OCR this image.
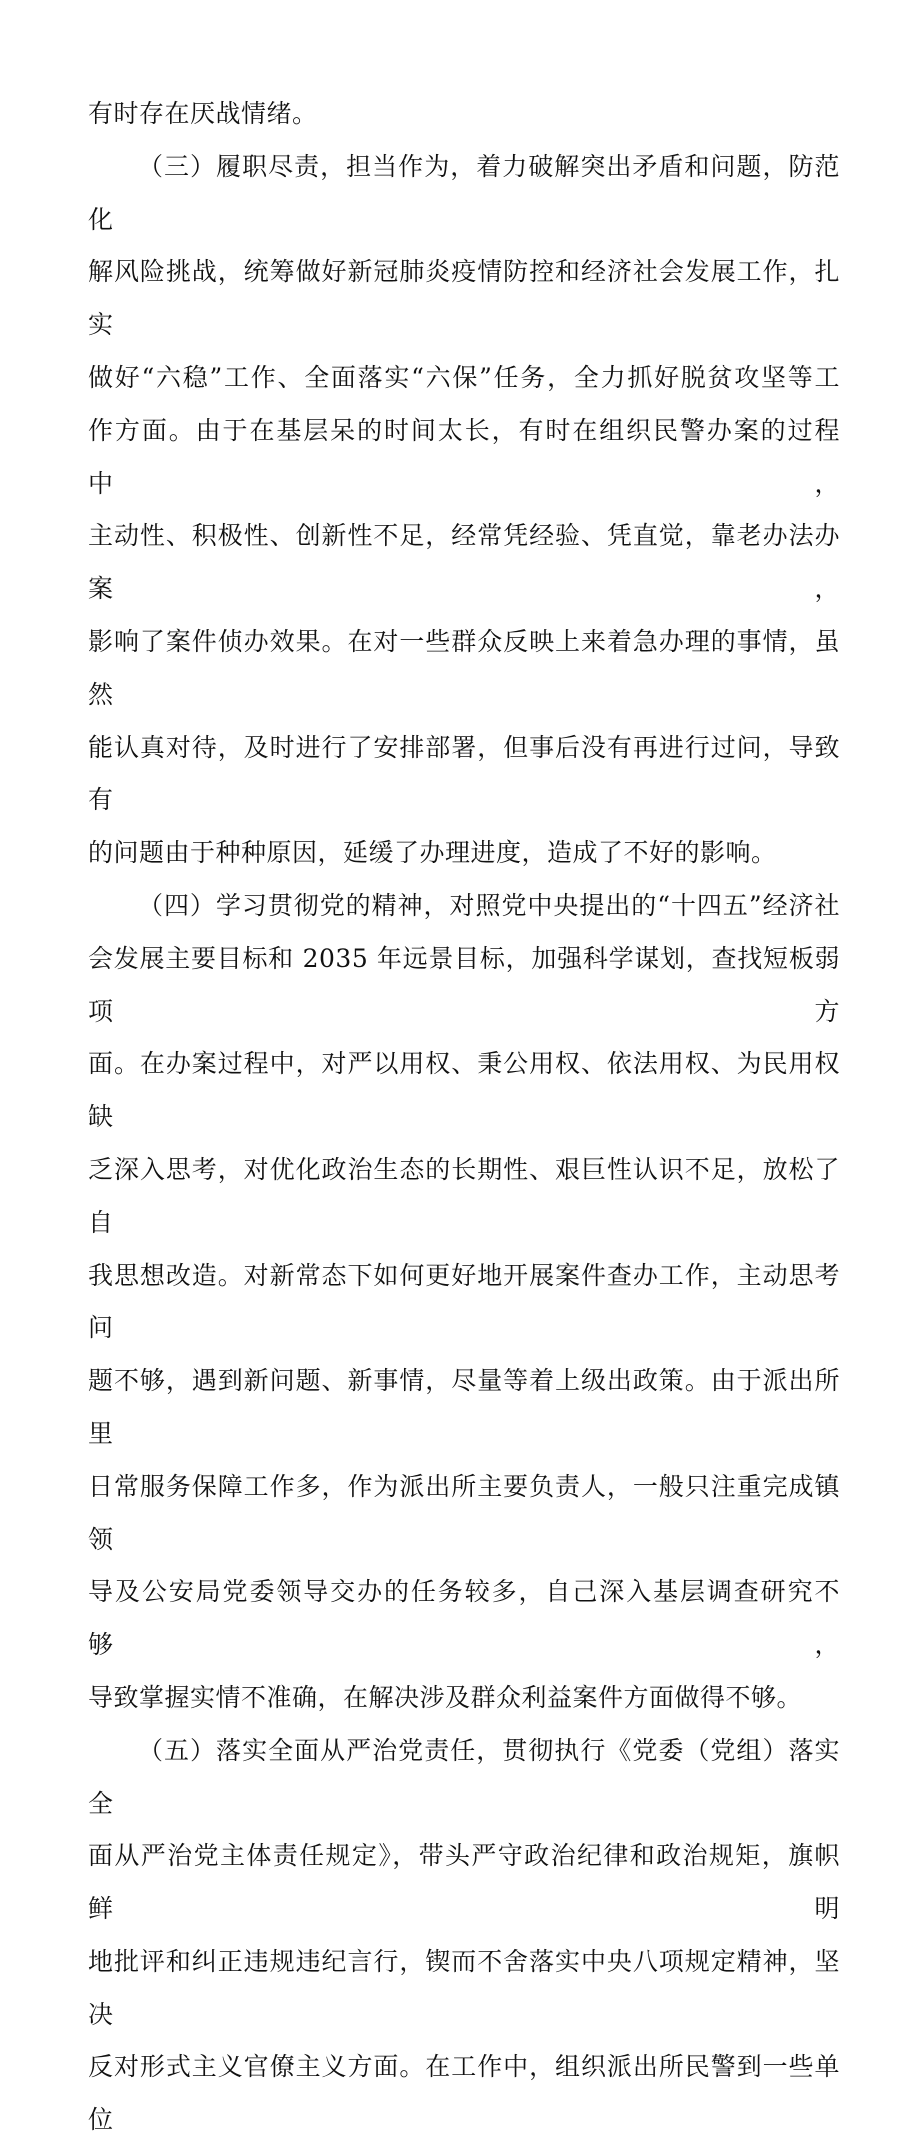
有时存在厌战情绪。
（三）履职尽责，担当作为，着力破解突出矛盾和问题，防范化
解风险挑战，统筹做好新冠肺炎疫情防控和经济社会发展工作，扎实
做好“六稳”工作、全面落实“六保”任务，全力抓好脱贫攻坚等工
作方面。由于在基层呆的时间太长，有时在组织民警办案的过程中，
主动性、积极性、创新性不足，经常凭经验、凭直觉，靠老办法办案，
影响了案件侦办效果。在对一些群众反映上来着急办理的事情，虽然
能认真对待，及时进行了安排部署，但事后没有再进行过问，导致有
的问题由于种种原因，延缓了办理进度，造成了不好的影响。
（四）学习贯彻党的精神，对照党中央提出的“十四五”经济社
会发展主要目标和 2035 年远景目标，加强科学谋划，查找短板弱项方
面。在办案过程中，对严以用权、秉公用权、依法用权、为民用权缺
乏深入思考，对优化政治生态的长期性、艰巨性认识不足，放松了自
我思想改造。对新常态下如何更好地开展案件查办工作，主动思考问
题不够，遇到新问题、新事情，尽量等着上级出政策。由于派出所里
日常服务保障工作多，作为派出所主要负责人，一般只注重完成镇领
导及公安局党委领导交办的任务较多，自己深入基层调查研究不够，
导致掌握实情不准确，在解决涉及群众利益案件方面做得不够。
（五）落实全面从严治党责任，贯彻执行《党委（党组）落实全
面从严治党主体责任规定》，带头严守政治纪律和政治规矩，旗帜鲜明
地批评和纠正违规违纪言行，锲而不舍落实中央八项规定精神，坚决
反对形式主义官僚主义方面。在工作中，组织派出所民警到一些单位
